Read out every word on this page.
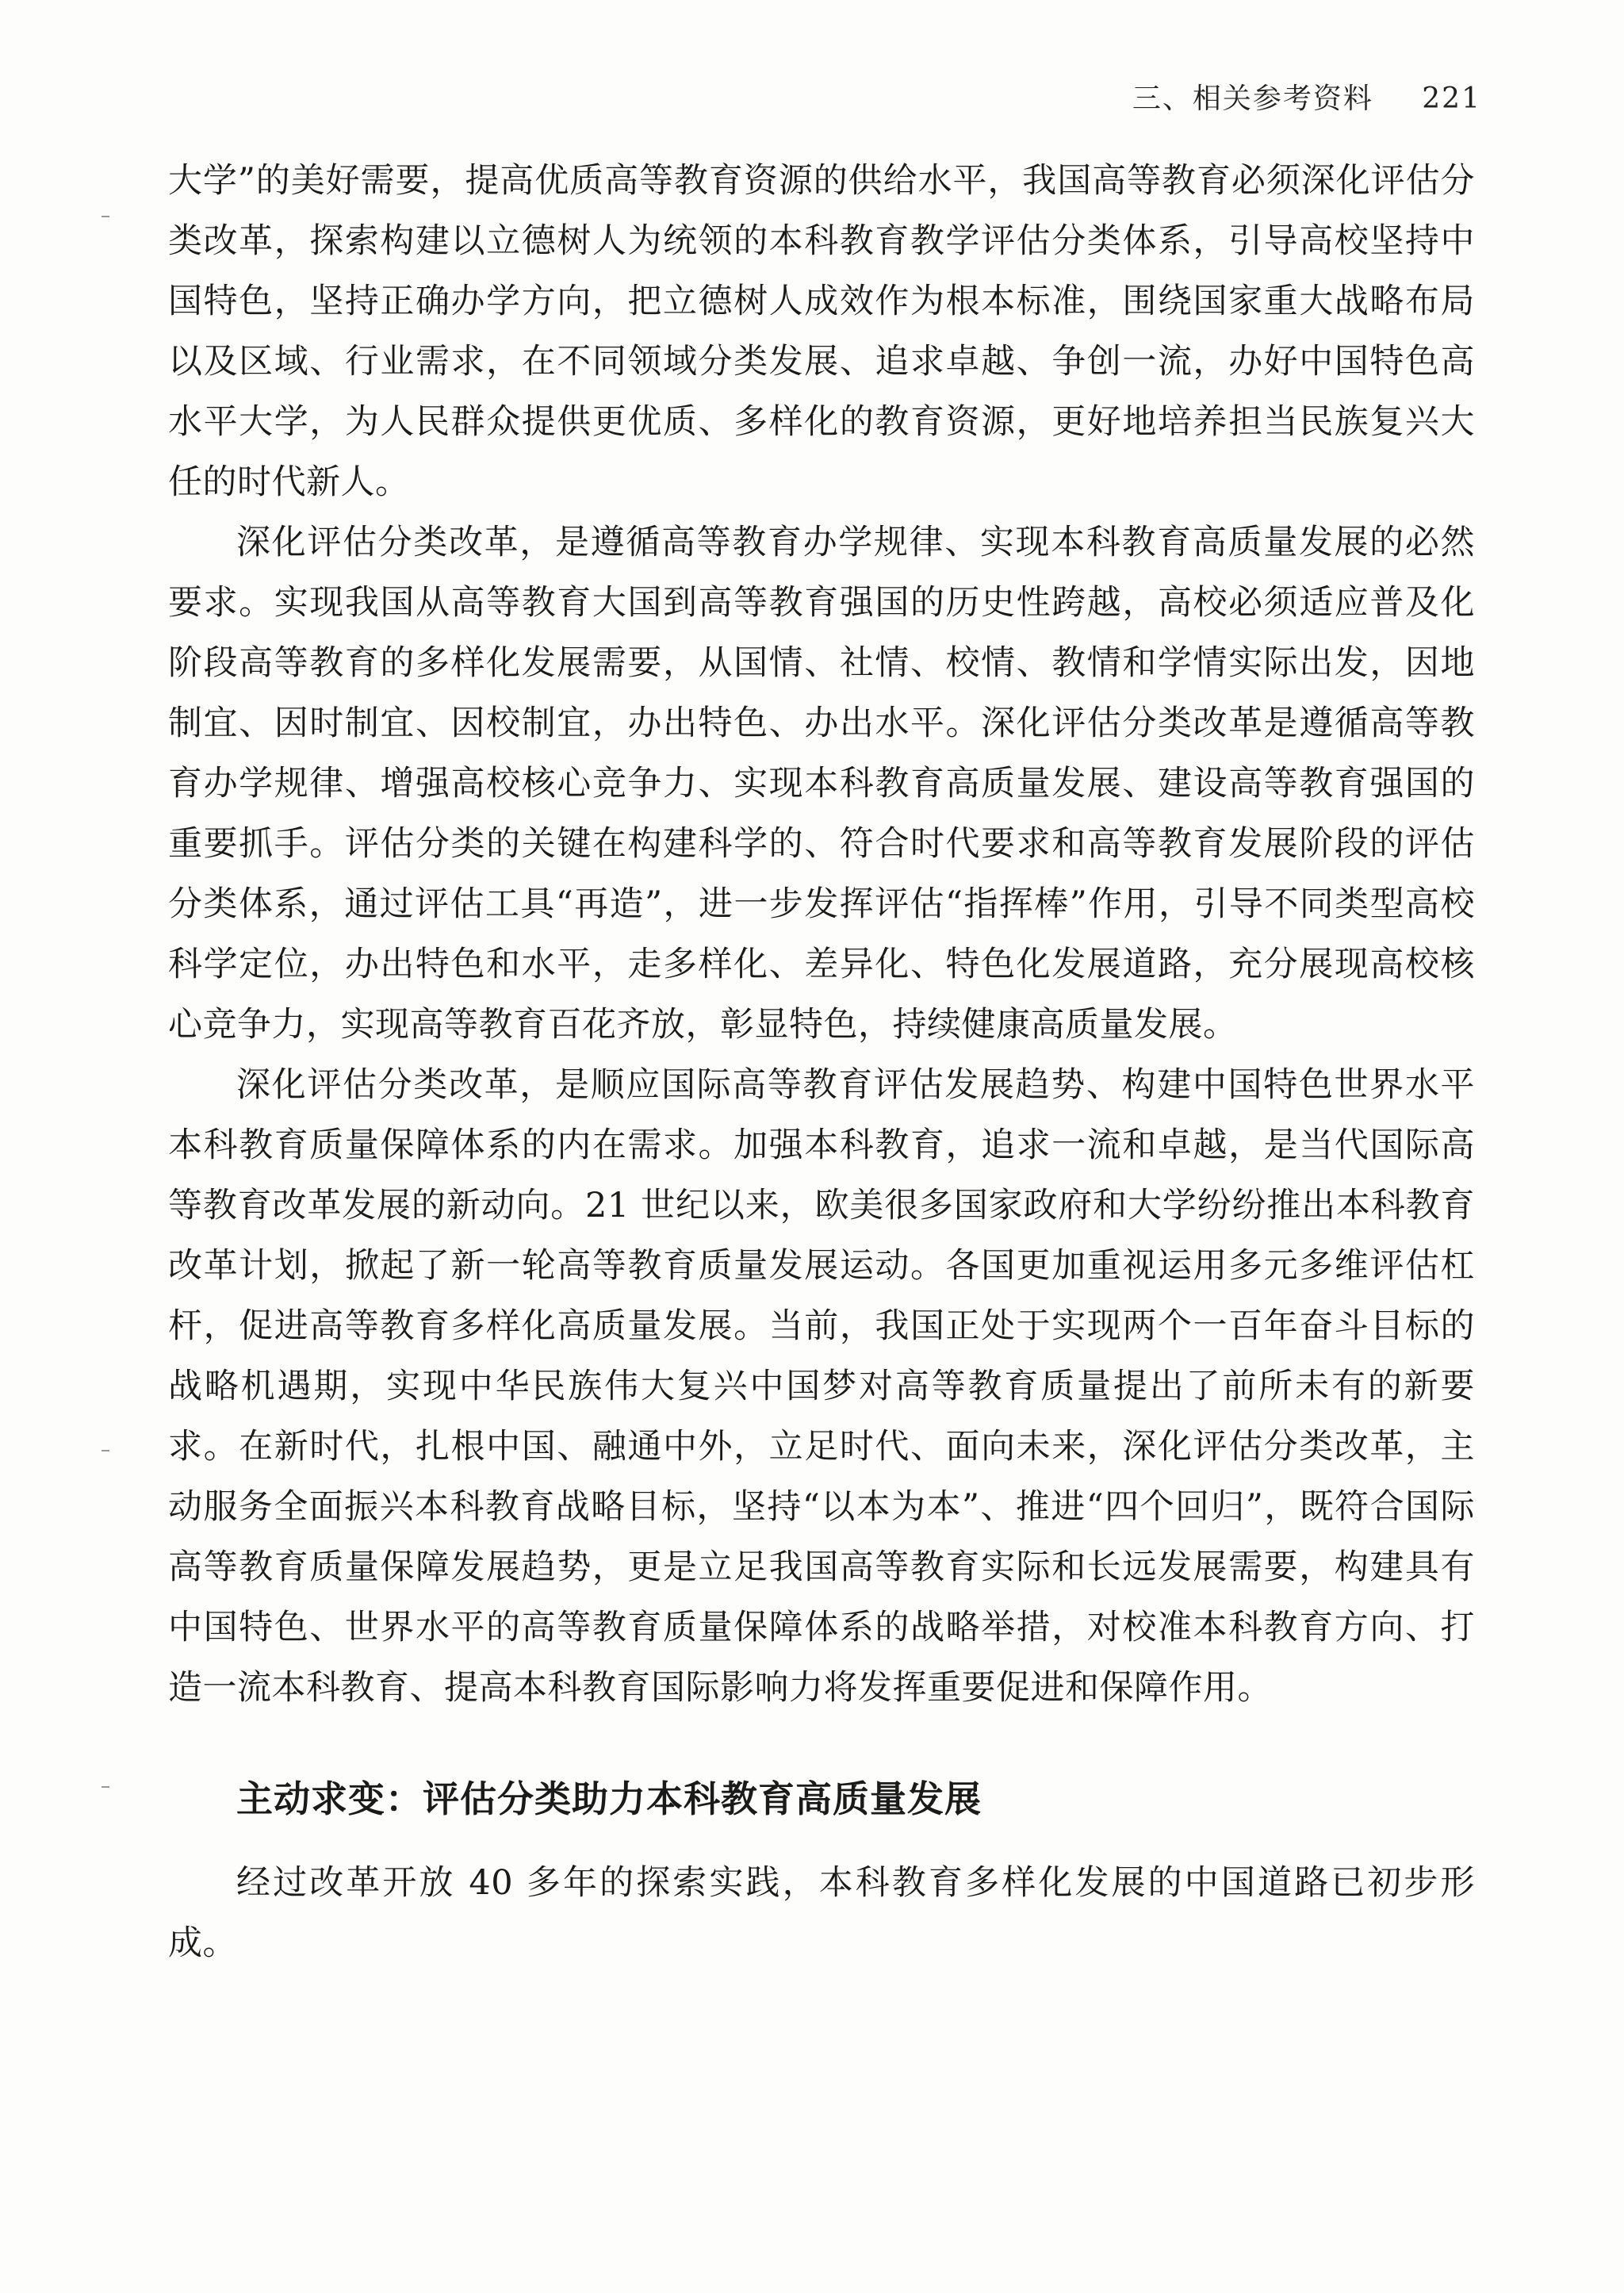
三、相关参考资料 221

大学”的美好需要，提高优质高等教育资源的供给水平，我国高等教育必须深化评估分类改革，探索构建以立德树人为统领的本科教育教学评估分类体系，引导高校坚持中国特色，坚持正确办学方向，把立德树人成效作为根本标准，围绕国家重大战略布局以及区域、行业需求，在不同领域分类发展、追求卓越、争创一流，办好中国特色高水平大学，为人民群众提供更优质、多样化的教育资源，更好地培养担当民族复兴大任的时代新人。

深化评估分类改革，是遵循高等教育办学规律、实现本科教育高质量发展的必然要求。实现我国从高等教育大国到高等教育强国的历史性跨越，高校必须适应普及化阶段高等教育的多样化发展需要，从国情、社情、校情、教情和学情实际出发，因地制宜、因时制宜、因校制宜，办出特色、办出水平。深化评估分类改革是遵循高等教育办学规律、增强高校核心竞争力、实现本科教育高质量发展、建设高等教育强国的重要抓手。评估分类的关键在构建科学的、符合时代要求和高等教育发展阶段的评估分类体系，通过评估工具“再造”，进一步发挥评估“指挥棒”作用，引导不同类型高校科学定位，办出特色和水平，走多样化、差异化、特色化发展道路，充分展现高校核心竞争力，实现高等教育百花齐放，彰显特色，持续健康高质量发展。

深化评估分类改革，是顺应国际高等教育评估发展趋势、构建中国特色世界水平本科教育质量保障体系的内在需求。加强本科教育，追求一流和卓越，是当代国际高等教育改革发展的新动向。21 世纪以来，欧美很多国家政府和大学纷纷推出本科教育改革计划，掀起了新一轮高等教育质量发展运动。各国更加重视运用多元多维评估杠杆，促进高等教育多样化高质量发展。当前，我国正处于实现两个一百年奋斗目标的战略机遇期，实现中华民族伟大复兴中国梦对高等教育质量提出了前所未有的新要求。在新时代，扎根中国、融通中外，立足时代、面向未来，深化评估分类改革，主动服务全面振兴本科教育战略目标，坚持“以本为本”、推进“四个回归”，既符合国际高等教育质量保障发展趋势，更是立足我国高等教育实际和长远发展需要，构建具有中国特色、世界水平的高等教育质量保障体系的战略举措，对校准本科教育方向、打造一流本科教育、提高本科教育国际影响力将发挥重要促进和保障作用。

主动求变：评估分类助力本科教育高质量发展

经过改革开放 40 多年的探索实践，本科教育多样化发展的中国道路已初步形成。
